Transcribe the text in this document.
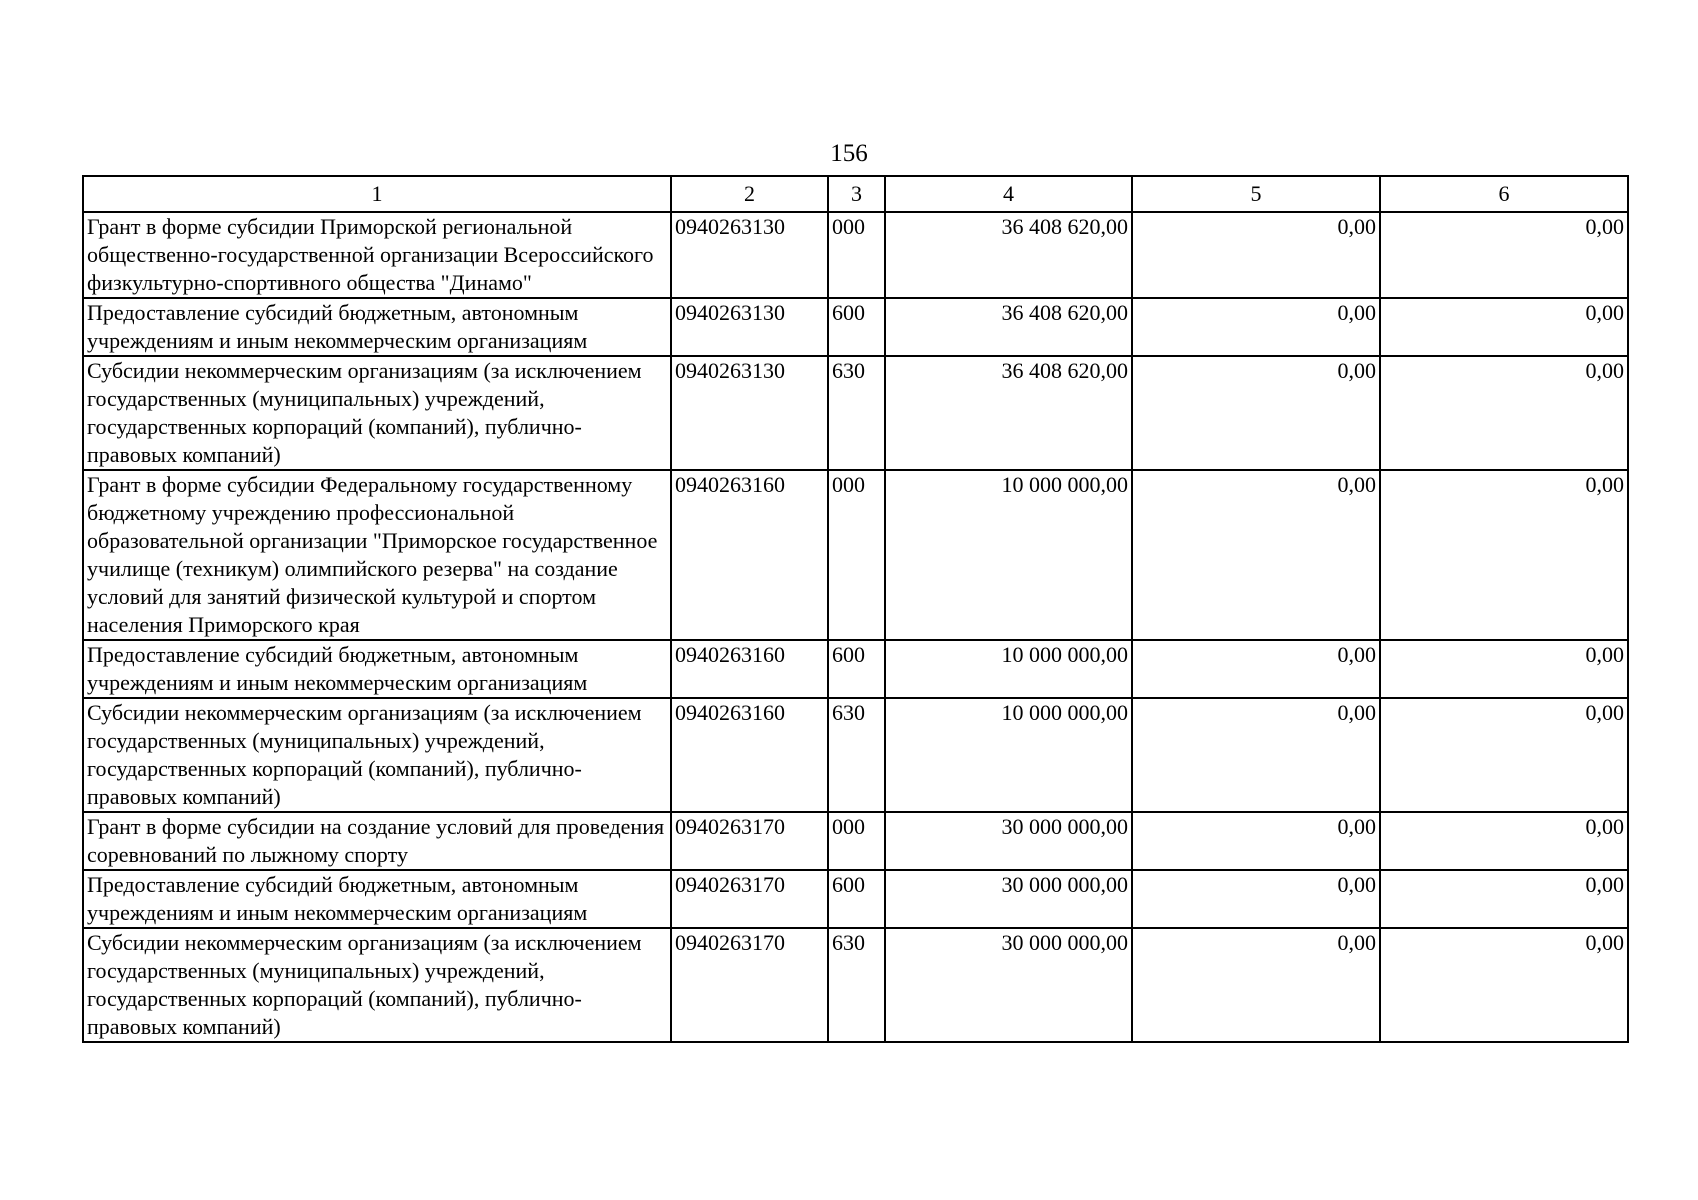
156
1	2	3	4	5	6
Грант в форме субсидии Приморской региональной общественно-государственной организации Всероссийского физкультурно-спортивного общества "Динамо"	0940263130	000	36 408 620,00	0,00	0,00
Предоставление субсидий бюджетным, автономным учреждениям и иным некоммерческим организациям	0940263130	600	36 408 620,00	0,00	0,00
Субсидии некоммерческим организациям (за исключением государственных (муниципальных) учреждений, государственных корпораций (компаний), публично-правовых компаний)	0940263130	630	36 408 620,00	0,00	0,00
Грант в форме субсидии Федеральному государственному бюджетному учреждению профессиональной образовательной организации "Приморское государственное училище (техникум) олимпийского резерва" на создание условий для занятий физической культурой и спортом населения Приморского края	0940263160	000	10 000 000,00	0,00	0,00
Предоставление субсидий бюджетным, автономным учреждениям и иным некоммерческим организациям	0940263160	600	10 000 000,00	0,00	0,00
Субсидии некоммерческим организациям (за исключением государственных (муниципальных) учреждений, государственных корпораций (компаний), публично-правовых компаний)	0940263160	630	10 000 000,00	0,00	0,00
Грант в форме субсидии на создание условий для проведения соревнований по лыжному спорту	0940263170	000	30 000 000,00	0,00	0,00
Предоставление субсидий бюджетным, автономным учреждениям и иным некоммерческим организациям	0940263170	600	30 000 000,00	0,00	0,00
Субсидии некоммерческим организациям (за исключением государственных (муниципальных) учреждений, государственных корпораций (компаний), публично-правовых компаний)	0940263170	630	30 000 000,00	0,00	0,00
